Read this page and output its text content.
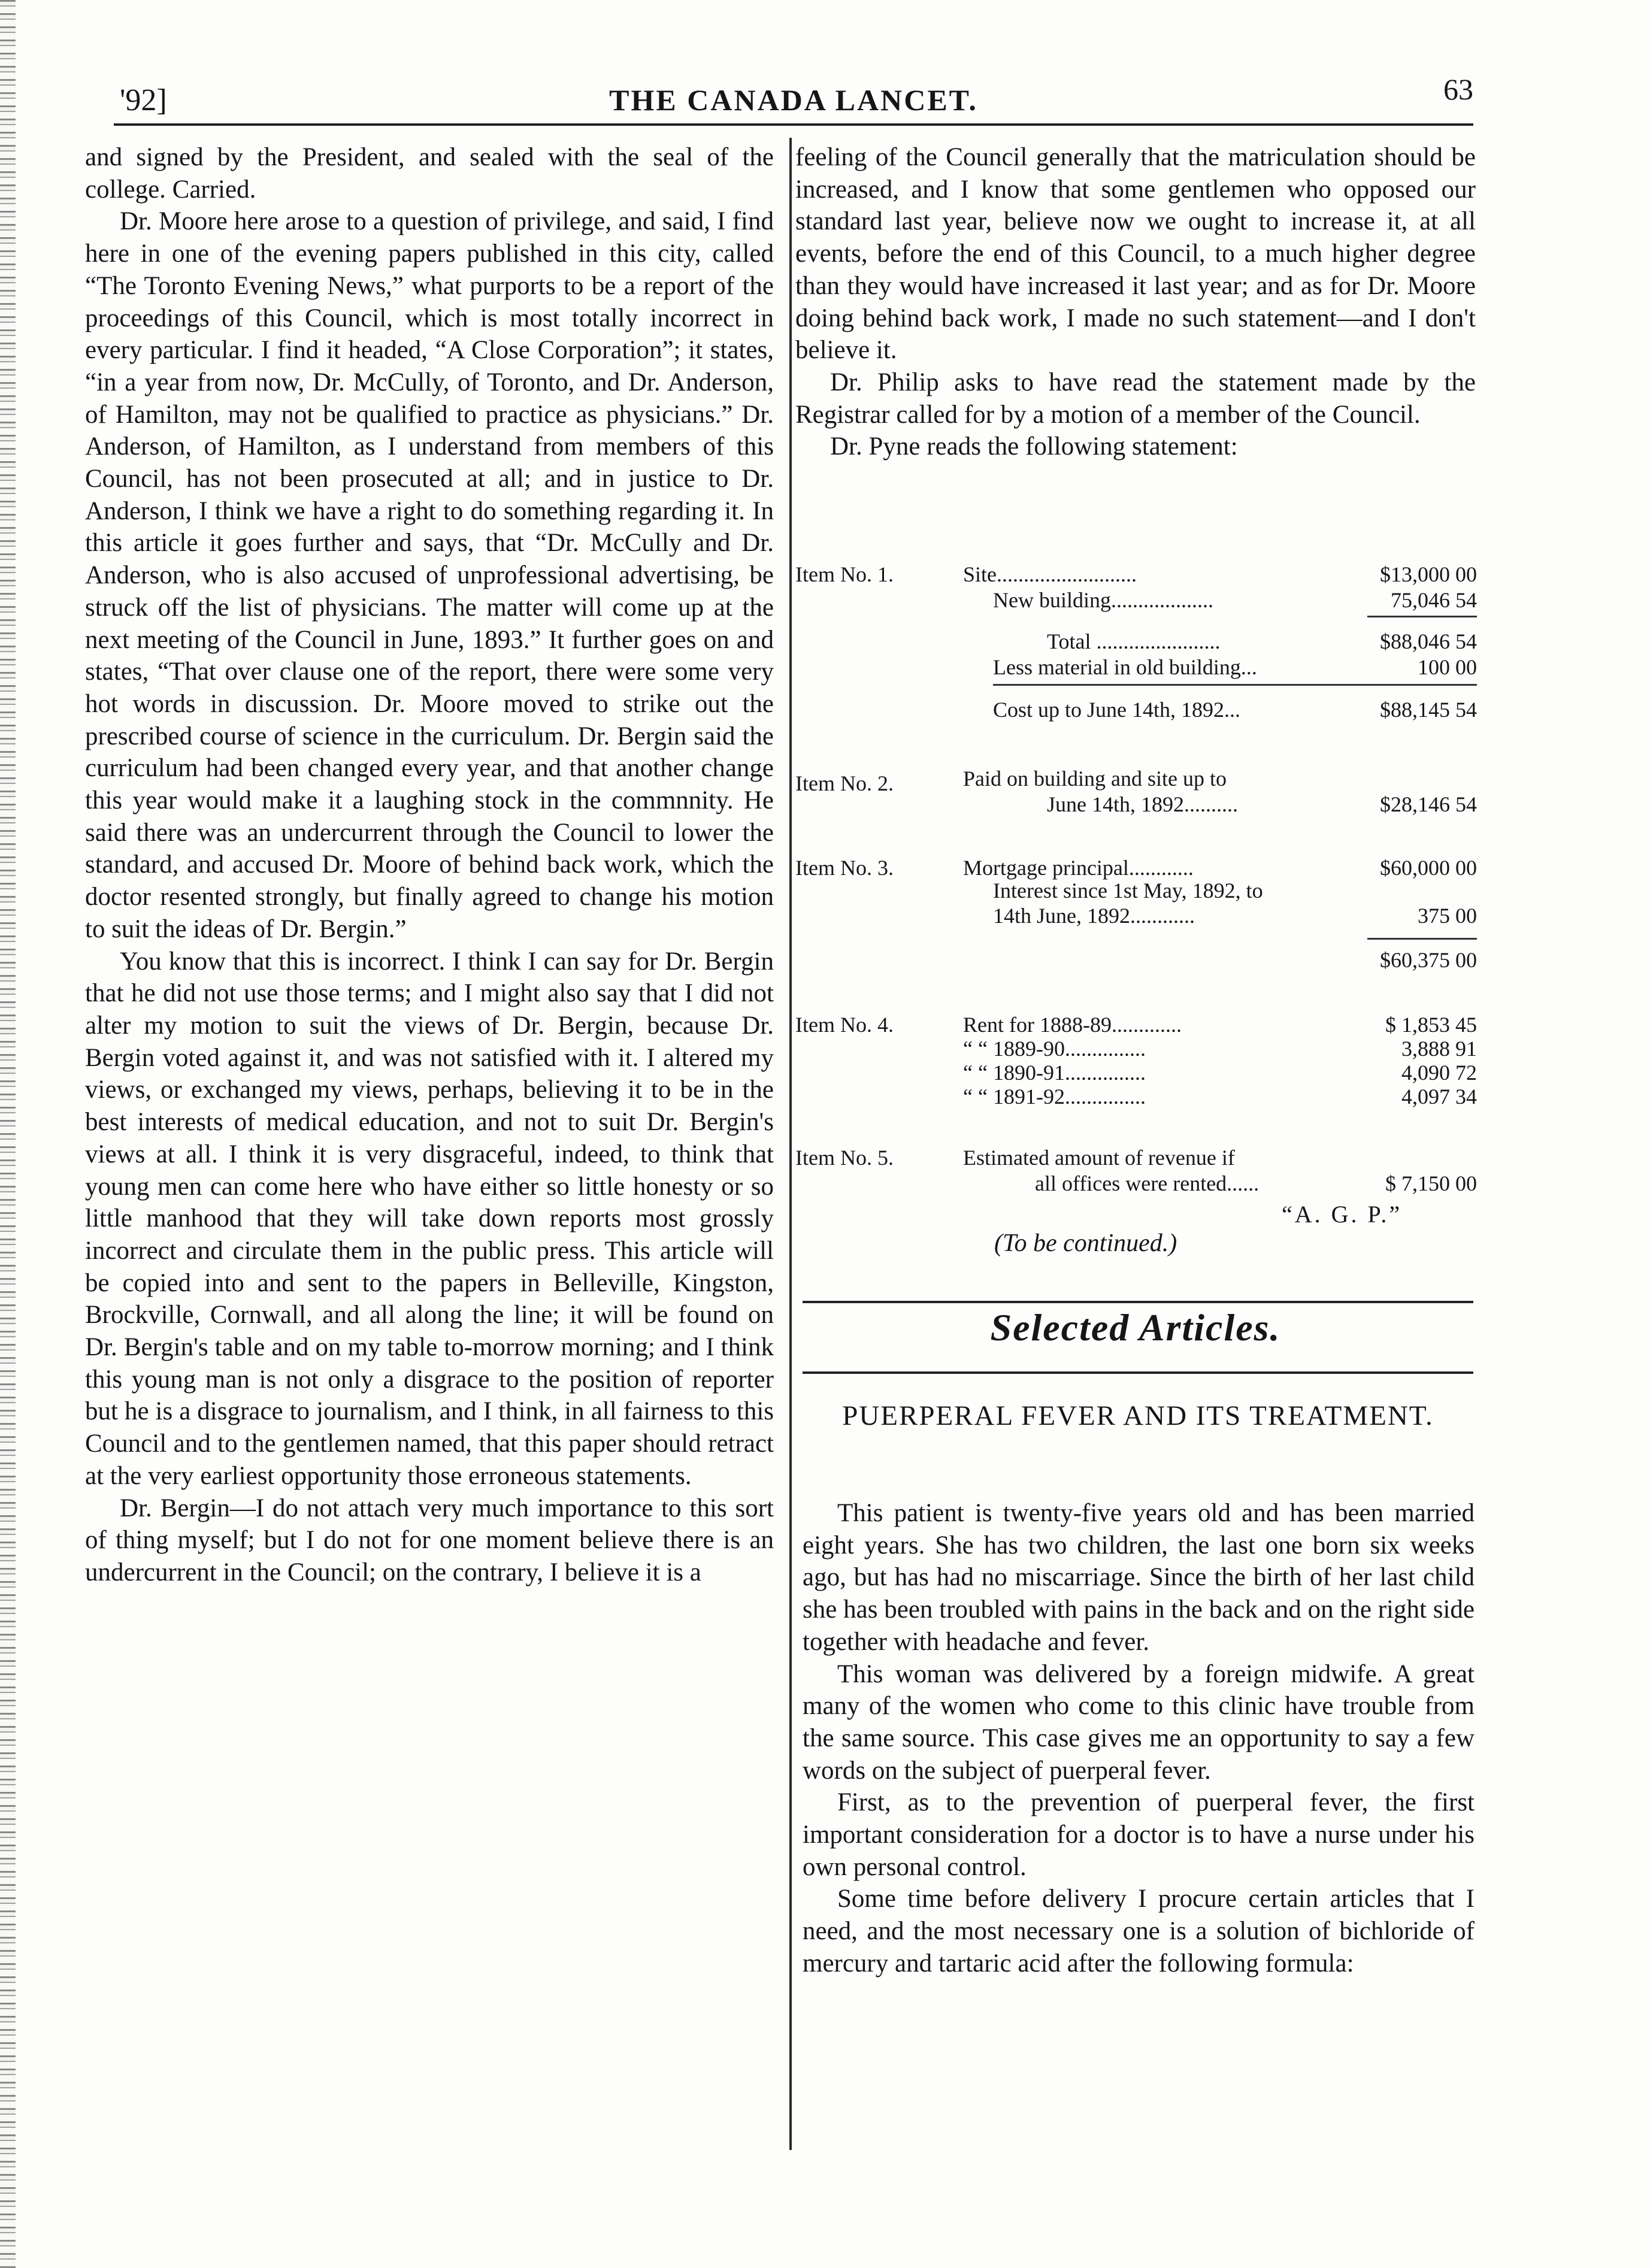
'92]	THE CANADA LANCET.	63

and signed by the President, and sealed with the seal of the college. Carried.

Dr. Moore here arose to a question of privilege, and said, I find here in one of the evening papers published in this city, called “The Toronto Evening News,” what purports to be a report of the proceedings of this Council, which is most totally incorrect in every particular. I find it headed, “A Close Corporation”; it states, “in a year from now, Dr. McCully, of Toronto, and Dr. Anderson, of Hamilton, may not be qualified to practice as physicians.” Dr. Anderson, of Hamilton, as I understand from members of this Council, has not been prosecuted at all; and in justice to Dr. Anderson, I think we have a right to do something regarding it. In this article it goes further and says, that “Dr. McCully and Dr. Anderson, who is also accused of unprofessional advertising, be struck off the list of physicians. The matter will come up at the next meeting of the Council in June, 1893.” It further goes on and states, “That over clause one of the report, there were some very hot words in discussion. Dr. Moore moved to strike out the prescribed course of science in the curriculum. Dr. Bergin said the curriculum had been changed every year, and that another change this year would make it a laughing stock in the commnnity. He said there was an undercurrent through the Council to lower the standard, and accused Dr. Moore of behind back work, which the doctor resented strongly, but finally agreed to change his motion to suit the ideas of Dr. Bergin.”

You know that this is incorrect. I think I can say for Dr. Bergin that he did not use those terms; and I might also say that I did not alter my motion to suit the views of Dr. Bergin, because Dr. Bergin voted against it, and was not satisfied with it. I altered my views, or exchanged my views, perhaps, believing it to be in the best interests of medical education, and not to suit Dr. Bergin's views at all. I think it is very disgraceful, indeed, to think that young men can come here who have either so little honesty or so little manhood that they will take down reports most grossly incorrect and circulate them in the public press. This article will be copied into and sent to the papers in Belleville, Kingston, Brockville, Cornwall, and all along the line; it will be found on Dr. Bergin's table and on my table to-morrow morning; and I think this young man is not only a disgrace to the position of reporter but he is a disgrace to journalism, and I think, in all fairness to this Council and to the gentlemen named, that this paper should retract at the very earliest opportunity those erroneous statements.

Dr. Bergin—I do not attach very much importance to this sort of thing myself; but I do not for one moment believe there is an undercurrent in the Council; on the contrary, I believe it is a

feeling of the Council generally that the matriculation should be increased, and I know that some gentlemen who opposed our standard last year, believe now we ought to increase it, at all events, before the end of this Council, to a much higher degree than they would have increased it last year; and as for Dr. Moore doing behind back work, I made no such statement—and I don't believe it.

Dr. Philip asks to have read the statement made by the Registrar called for by a motion of a member of the Council.

Dr. Pyne reads the following statement:

Item No. 1.	Site..........................	$13,000 00
New building...................	75,046 54
Total .......................	$88,046 54
Less material in old building...	100 00
Cost up to June 14th, 1892...	$88,145 54
Item No. 2.	Paid on building and site up to
June 14th, 1892..........	$28,146 54
Item No. 3.	Mortgage principal............	$60,000 00
Interest since 1st May, 1892, to
14th June, 1892............	375 00
$60,375 00
Item No. 4.	Rent for 1888-89.............	$ 1,853 45
“ “ 1889-90...............	3,888 91
“ “ 1890-91...............	4,090 72
“ “ 1891-92...............	4,097 34
Item No. 5.	Estimated amount of revenue if
all offices were rented......	$ 7,150 00
“A. G. P.”
(To be continued.)
Selected Articles.
PUERPERAL FEVER AND ITS TREATMENT.

This patient is twenty-five years old and has been married eight years. She has two children, the last one born six weeks ago, but has had no miscarriage. Since the birth of her last child she has been troubled with pains in the back and on the right side together with headache and fever.

This woman was delivered by a foreign midwife. A great many of the women who come to this clinic have trouble from the same source. This case gives me an opportunity to say a few words on the subject of puerperal fever.

First, as to the prevention of puerperal fever, the first important consideration for a doctor is to have a nurse under his own personal control.

Some time before delivery I procure certain articles that I need, and the most necessary one is a solution of bichloride of mercury and tartaric acid after the following formula:
